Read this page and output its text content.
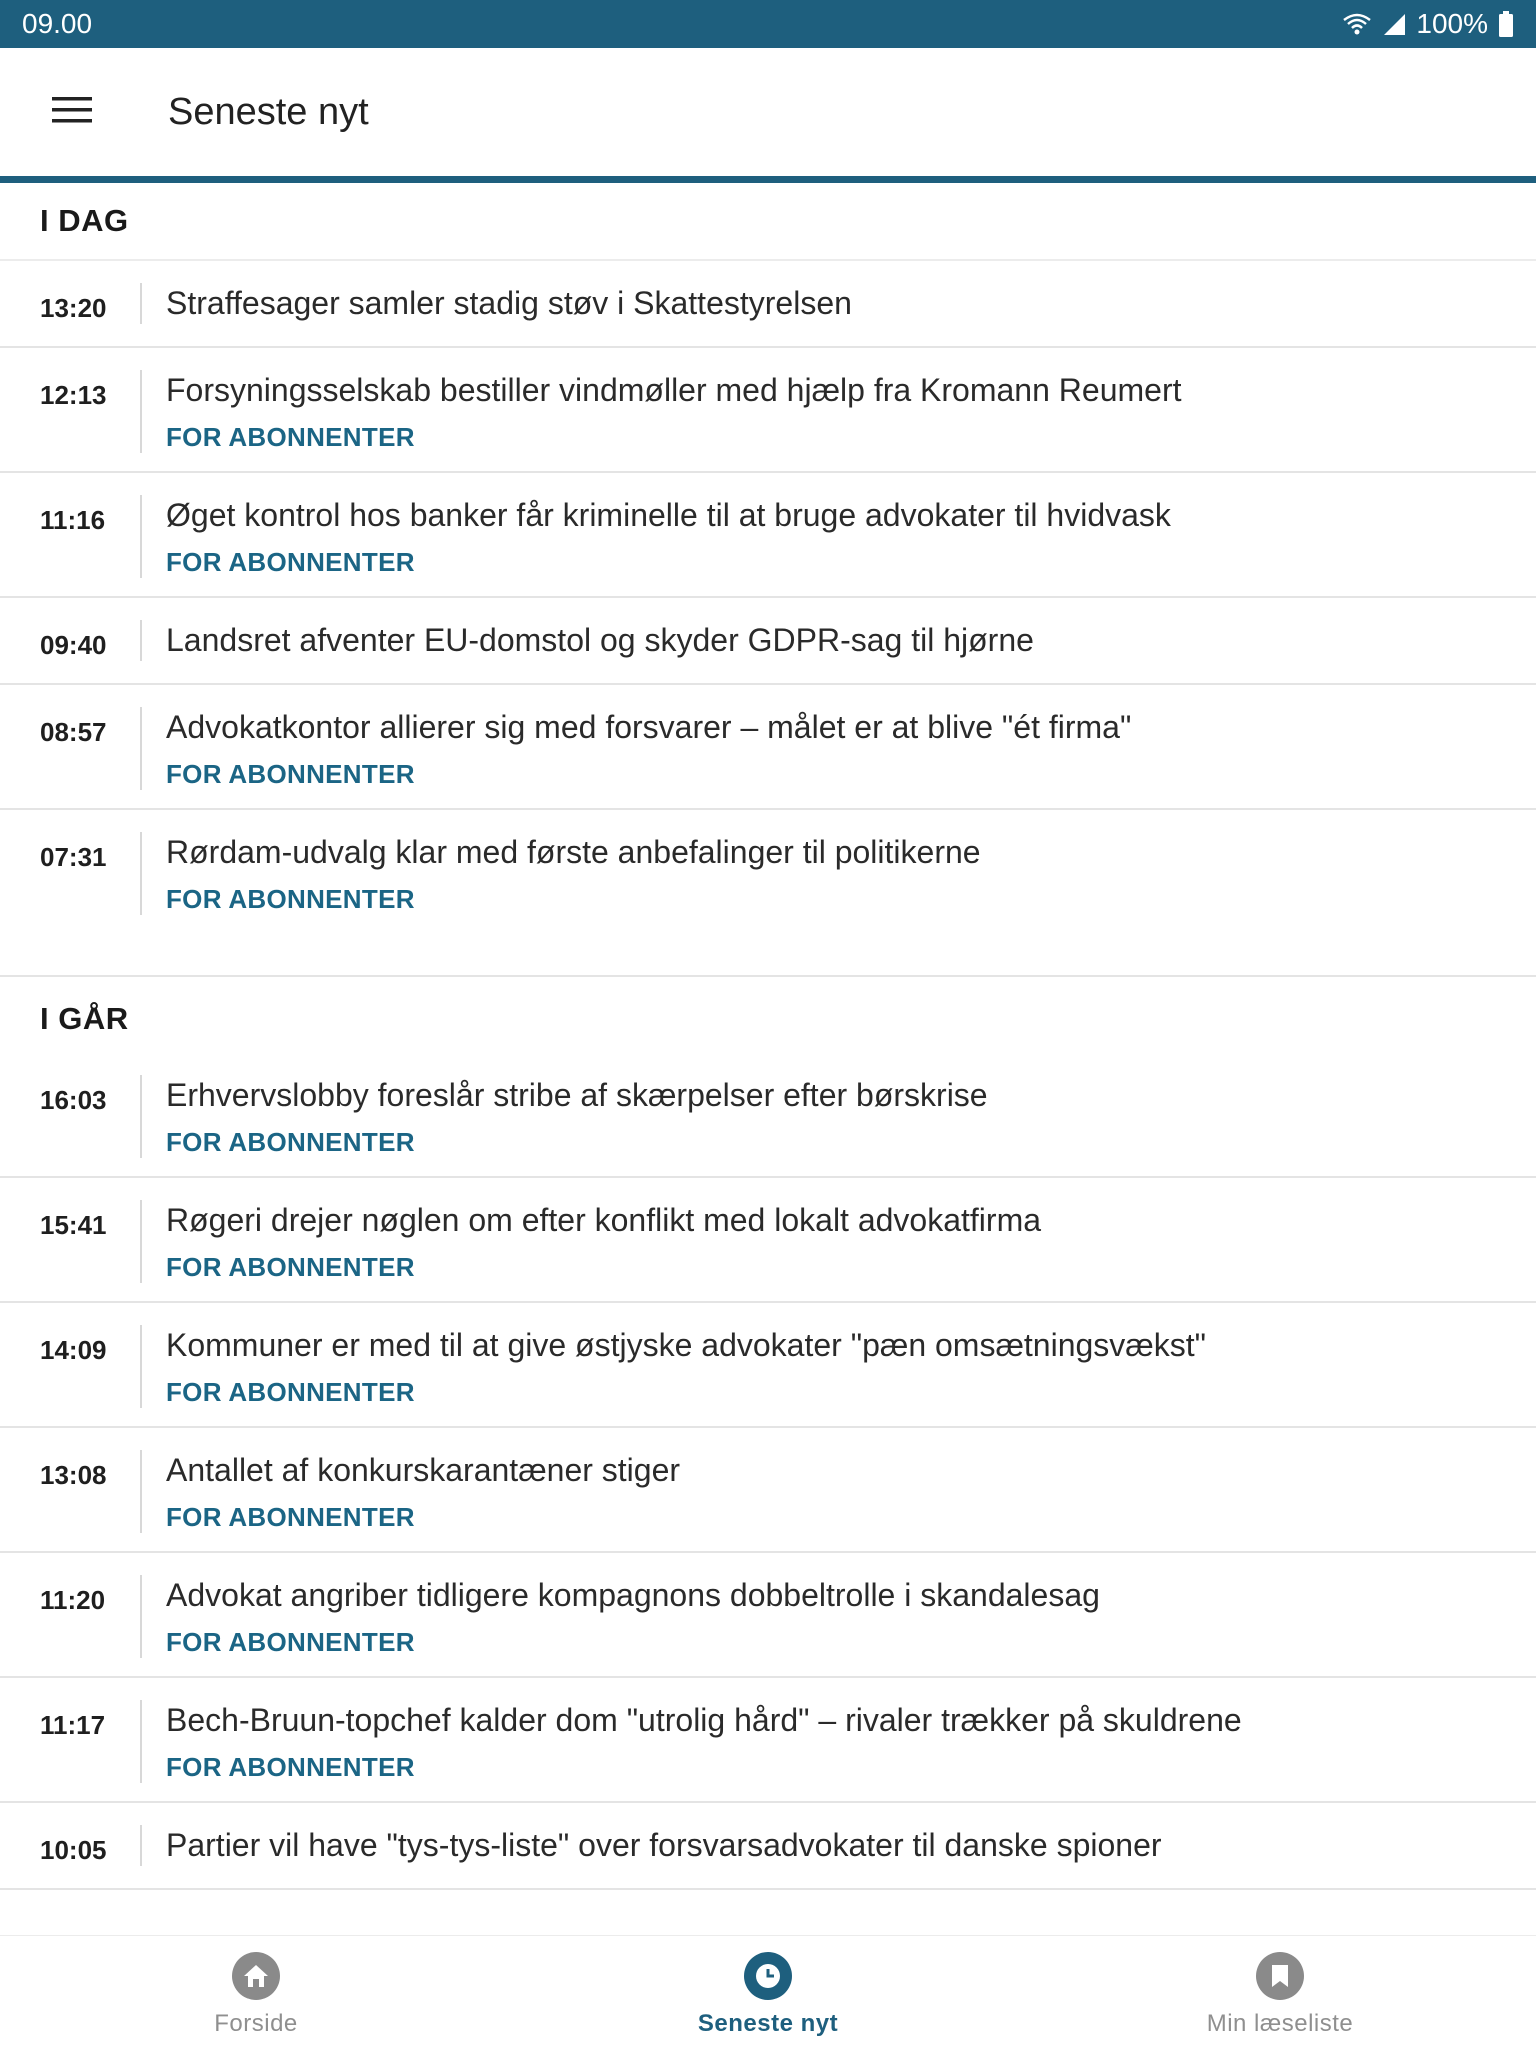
09.00	100%
Seneste nyt
I DAG
13:20	Straffesager samler stadig støv i Skattestyrelsen
12:13	Forsyningsselskab bestiller vindmøller med hjælp fra Kromann Reumert
FOR ABONNENTER
11:16	Øget kontrol hos banker får kriminelle til at bruge advokater til hvidvask
FOR ABONNENTER
09:40	Landsret afventer EU-domstol og skyder GDPR-sag til hjørne
08:57	Advokatkontor allierer sig med forsvarer – målet er at blive "ét firma"
FOR ABONNENTER
07:31	Rørdam-udvalg klar med første anbefalinger til politikerne
FOR ABONNENTER
I GÅR
16:03	Erhvervslobby foreslår stribe af skærpelser efter børskrise
FOR ABONNENTER
15:41	Røgeri drejer nøglen om efter konflikt med lokalt advokatfirma
FOR ABONNENTER
14:09	Kommuner er med til at give østjyske advokater "pæn omsætningsvækst"
FOR ABONNENTER
13:08	Antallet af konkurskarantæner stiger
FOR ABONNENTER
11:20	Advokat angriber tidligere kompagnons dobbeltrolle i skandalesag
FOR ABONNENTER
11:17	Bech-Bruun-topchef kalder dom "utrolig hård" – rivaler trækker på skuldrene
FOR ABONNENTER
10:05	Partier vil have "tys-tys-liste" over forsvarsadvokater til danske spioner
Forside	Seneste nyt	Min læseliste
